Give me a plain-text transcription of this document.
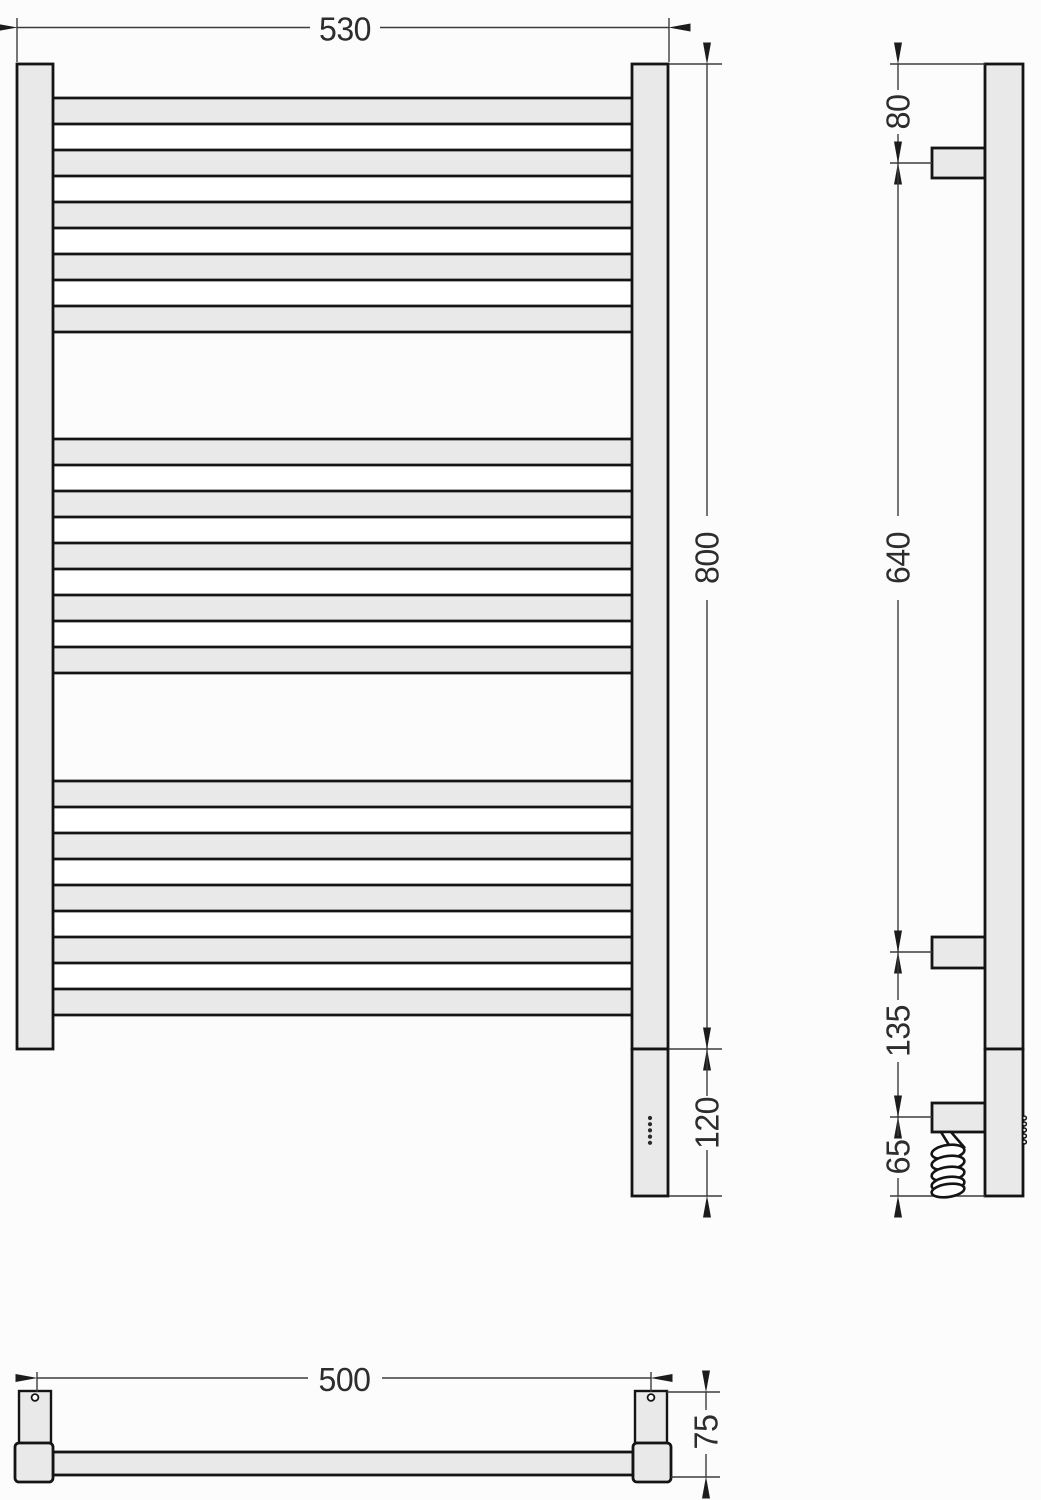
530
800
120
80
640
135
65
500
75
